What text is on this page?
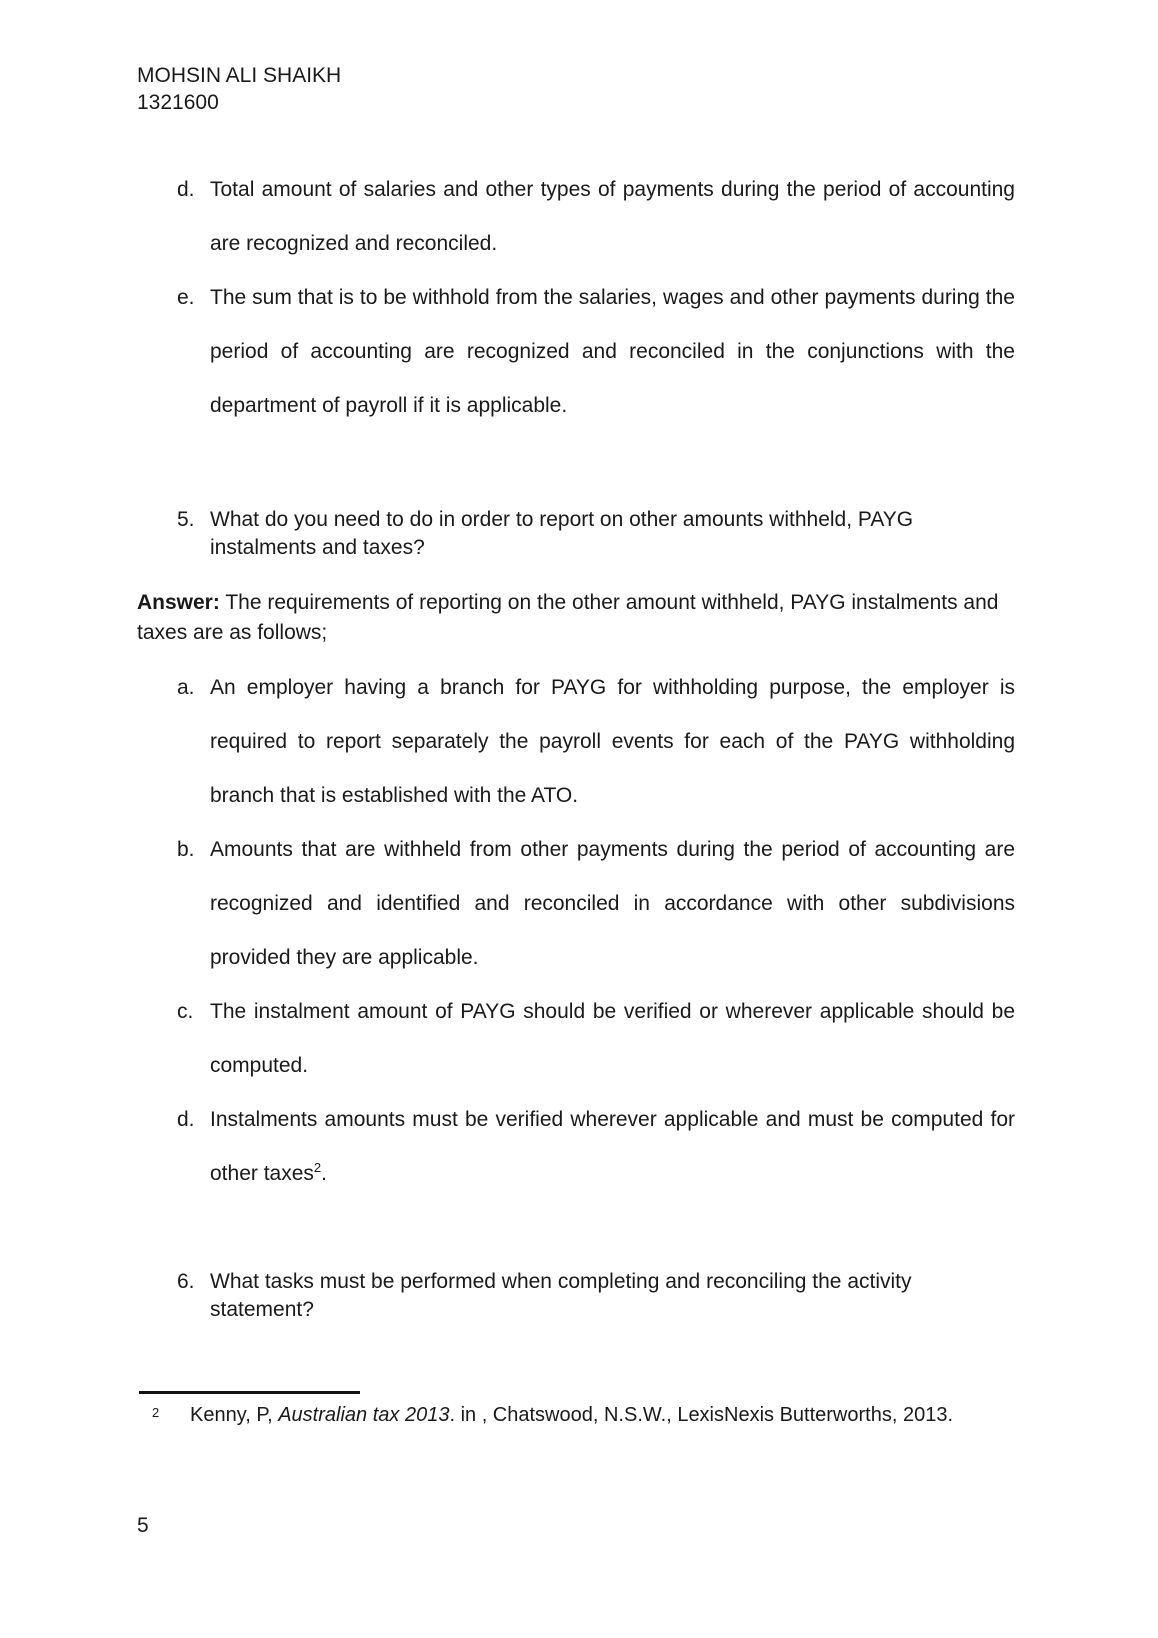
MOHSIN ALI SHAIKH
1321600
d. Total amount of salaries and other types of payments during the period of accounting are recognized and reconciled.
e. The sum that is to be withhold from the salaries, wages and other payments during the period of accounting are recognized and reconciled in the conjunctions with the department of payroll if it is applicable.
5. What do you need to do in order to report on other amounts withheld, PAYG instalments and taxes?
Answer: The requirements of reporting on the other amount withheld, PAYG instalments and taxes are as follows;
a. An employer having a branch for PAYG for withholding purpose, the employer is required to report separately the payroll events for each of the PAYG withholding branch that is established with the ATO.
b. Amounts that are withheld from other payments during the period of accounting are recognized and identified and reconciled in accordance with other subdivisions provided they are applicable.
c. The instalment amount of PAYG should be verified or wherever applicable should be computed.
d. Instalments amounts must be verified wherever applicable and must be computed for other taxes$^2$.
6. What tasks must be performed when completing and reconciling the activity statement?
2 Kenny, P, Australian tax 2013. in , Chatswood, N.S.W., LexisNexis Butterworths, 2013.
5
